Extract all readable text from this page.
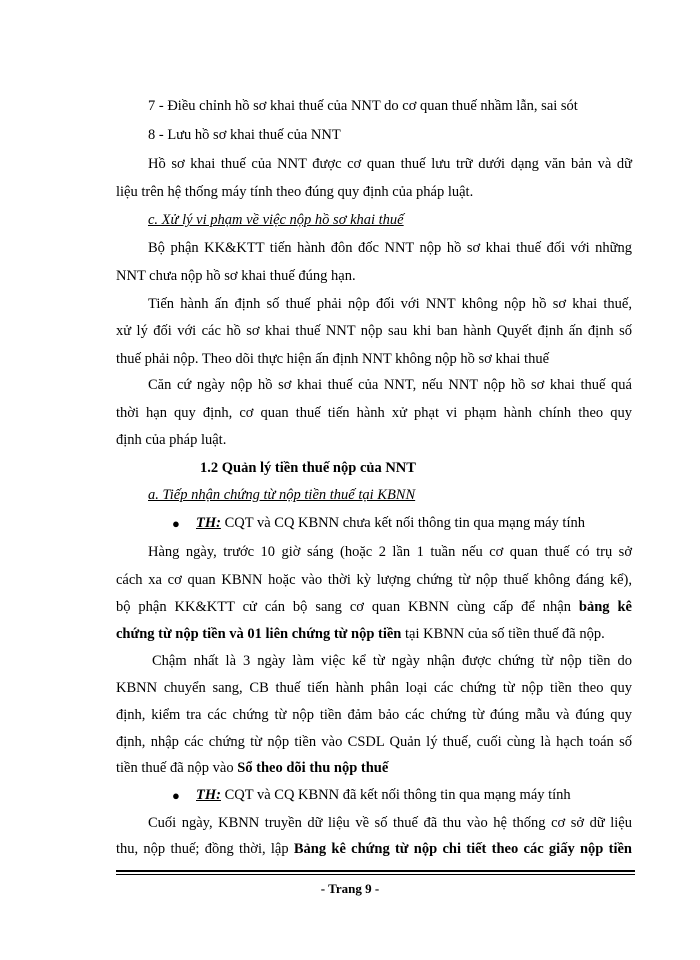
7 - Điều chỉnh hồ sơ khai thuế của NNT do cơ quan thuế nhầm lẫn, sai sót
8 - Lưu hồ sơ khai thuế của NNT
Hồ sơ khai thuế của NNT được cơ quan thuế lưu trữ dưới dạng văn bản và dữ
liệu trên hệ thống máy tính theo đúng quy định của pháp luật.
c. Xử lý vi phạm về việc nộp hồ sơ khai thuế
Bộ phận KK&KTT tiến hành đôn đốc NNT nộp hồ sơ khai thuế đối với những
NNT chưa nộp hồ sơ khai thuế đúng hạn.
Tiến hành ấn định số thuế phải nộp đối với NNT không nộp hồ sơ khai thuế,
xử lý đối với các hồ sơ khai thuế NNT nộp sau khi ban hành Quyết định ấn định số
thuế phải nộp. Theo dõi thực hiện ấn định NNT không nộp hồ sơ khai thuế
Căn cứ ngày nộp hồ sơ khai thuế của NNT, nếu NNT nộp hồ sơ khai thuế quá
thời hạn quy định, cơ quan thuế tiến hành xử phạt vi phạm hành chính theo quy
định của pháp luật.
1.2 Quản lý tiền thuế nộp của NNT
a. Tiếp nhận chứng từ nộp tiền thuế tại KBNN
● TH: CQT và CQ KBNN chưa kết nối thông tin qua mạng máy tính
Hàng ngày, trước 10 giờ sáng (hoặc 2 lần 1 tuần nếu cơ quan thuế có trụ sở
cách xa cơ quan KBNN hoặc vào thời kỳ lượng chứng từ nộp thuế không đáng kể),
bộ phận KK&KTT cử cán bộ sang cơ quan KBNN cùng cấp để nhận bảng kê
chứng từ nộp tiền và 01 liên chứng từ nộp tiền tại KBNN của số tiền thuế đã nộp.
Chậm nhất là 3 ngày làm việc kể từ ngày nhận được chứng từ nộp tiền do
KBNN chuyển sang, CB thuế tiến hành phân loại các chứng từ nộp tiền theo quy
định, kiểm tra các chứng từ nộp tiền đảm bảo các chứng từ đúng mẫu và đúng quy
định, nhập các chứng từ nộp tiền vào CSDL Quản lý thuế, cuối cùng là hạch toán số
tiền thuế đã nộp vào Sổ theo dõi thu nộp thuế
● TH: CQT và CQ KBNN đã kết nối thông tin qua mạng máy tính
Cuối ngày, KBNN truyền dữ liệu về số thuế đã thu vào hệ thống cơ sở dữ liệu
thu, nộp thuế; đồng thời, lập Bảng kê chứng từ nộp chi tiết theo các giấy nộp tiền
- Trang 9 -
